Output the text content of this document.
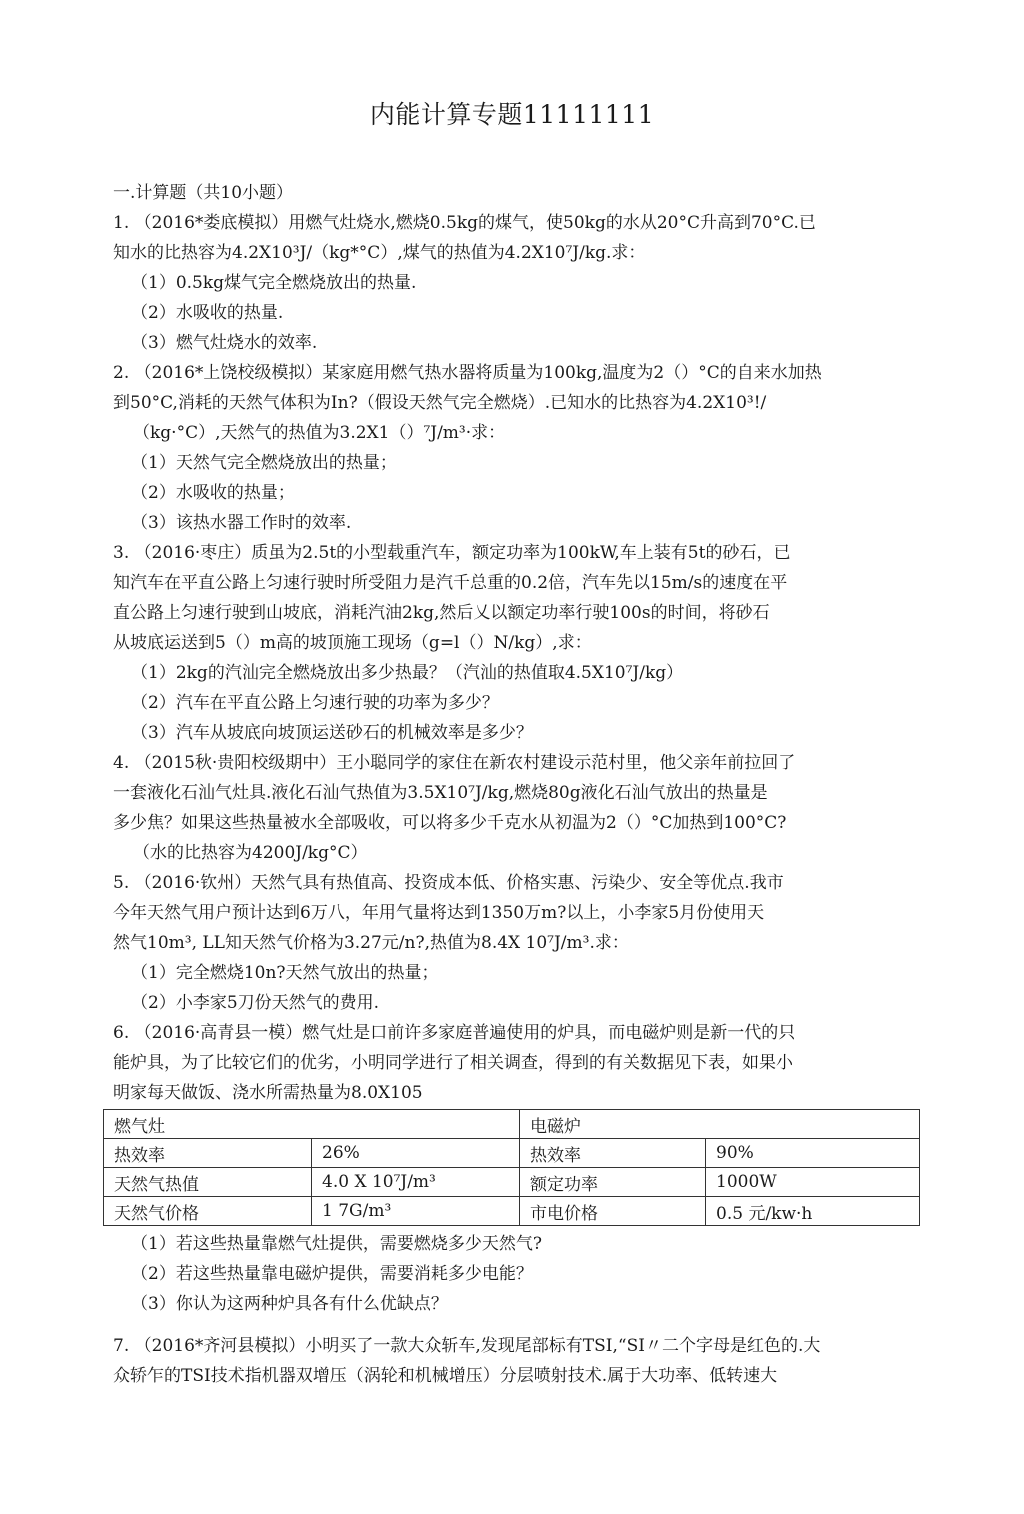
内能计算专题11111111
一.计算题（共10小题）
1. （2016*娄底模拟）用燃气灶烧水,燃烧0.5kg的煤气，使50kg的水从20°C升高到70°C.已
知水的比热容为4.2X10³J/（kg*°C）,煤气的热值为4.2X10⁷J/kg.求：
（1）0.5kg煤气完全燃烧放出的热量.
（2）水吸收的热量.
（3）燃气灶烧水的效率.
2. （2016*上饶校级模拟）某家庭用燃气热水器将质量为100kg,温度为2（）°C的自来水加热
到50°C,消耗的天然气体积为In?（假设天然气完全燃烧）.已知水的比热容为4.2X10³!/
（kg·°C）,天然气的热值为3.2X1（）⁷J/m³·求：
（1）天然气完全燃烧放出的热量；
（2）水吸收的热量；
（3）该热水器工作时的效率.
3. （2016·枣庄）质虽为2.5t的小型载重汽车，额定功率为100kW,车上装有5t的砂石，已
知汽车在平直公路上匀速行驶时所受阻力是汽千总重的0.2倍，汽车先以15m/s的速度在平
直公路上匀速行驶到山坡底，消耗汽油2kg,然后乂以额定功率行驶100s的时间，将砂石
从坡底运送到5（）m高的坡顶施工现场（g=l（）N/kg）,求：
（1）2kg的汽汕完全燃烧放出多少热最？（汽汕的热值取4.5X10⁷J/kg）
（2）汽车在平直公路上匀速行驶的功率为多少？
（3）汽车从坡底向坡顶运送砂石的机械效率是多少？
4. （2015秋·贵阳校级期中）王小聪同学的家住在新农村建设示范村里，他父亲年前拉回了
一套液化石汕气灶具.液化石汕气热值为3.5X10⁷J/kg,燃烧80g液化石汕气放出的热量是
多少焦？如果这些热量被水全部吸收，可以将多少千克水从初温为2（）°C加热到100°C?
（水的比热容为4200J/kg°C）
5. （2016·钦州）天然气具有热值高、投资成本低、价格实惠、污染少、安全等优点.我市
今年天然气用户预计达到6万八，年用气量将达到1350万m?以上，小李家5月份使用天
然气10m³, LL知天然气价格为3.27元/n?,热值为8.4X 10⁷J/m³.求：
（1）完全燃烧10n?天然气放出的热量；
（2）小李家5刀份天然气的费用.
6. （2016·高青县一模）燃气灶是口前许多家庭普遍使用的炉具，而电磁炉则是新一代的只
能炉具，为了比较它们的优劣，小明同学进行了相关调查，得到的有关数据见下表，如果小
明家每天做饭、浇水所需热量为8.0X105
燃气灶		电磁炉	
热效率	26%	热效率	90%
天然气热值	4.0 X 10⁷J/m³	额定功率	1000W
天然气价格	1 7G/m³	市电价格	0.5 元/kw·h
（1）若这些热量靠燃气灶提供，需要燃烧多少天然气?
（2）若这些热量靠电磁炉提供，需要消耗多少电能？
（3）你认为这两种炉具各有什么优缺点？
7. （2016*齐河县模拟）小明买了一款大众斩车,发现尾部标有TSI,“SI〃二个字母是红色的.大
众轿乍的TSI技术指机器双增压（涡轮和机械增压）分层喷射技术.属于大功率、低转速大
